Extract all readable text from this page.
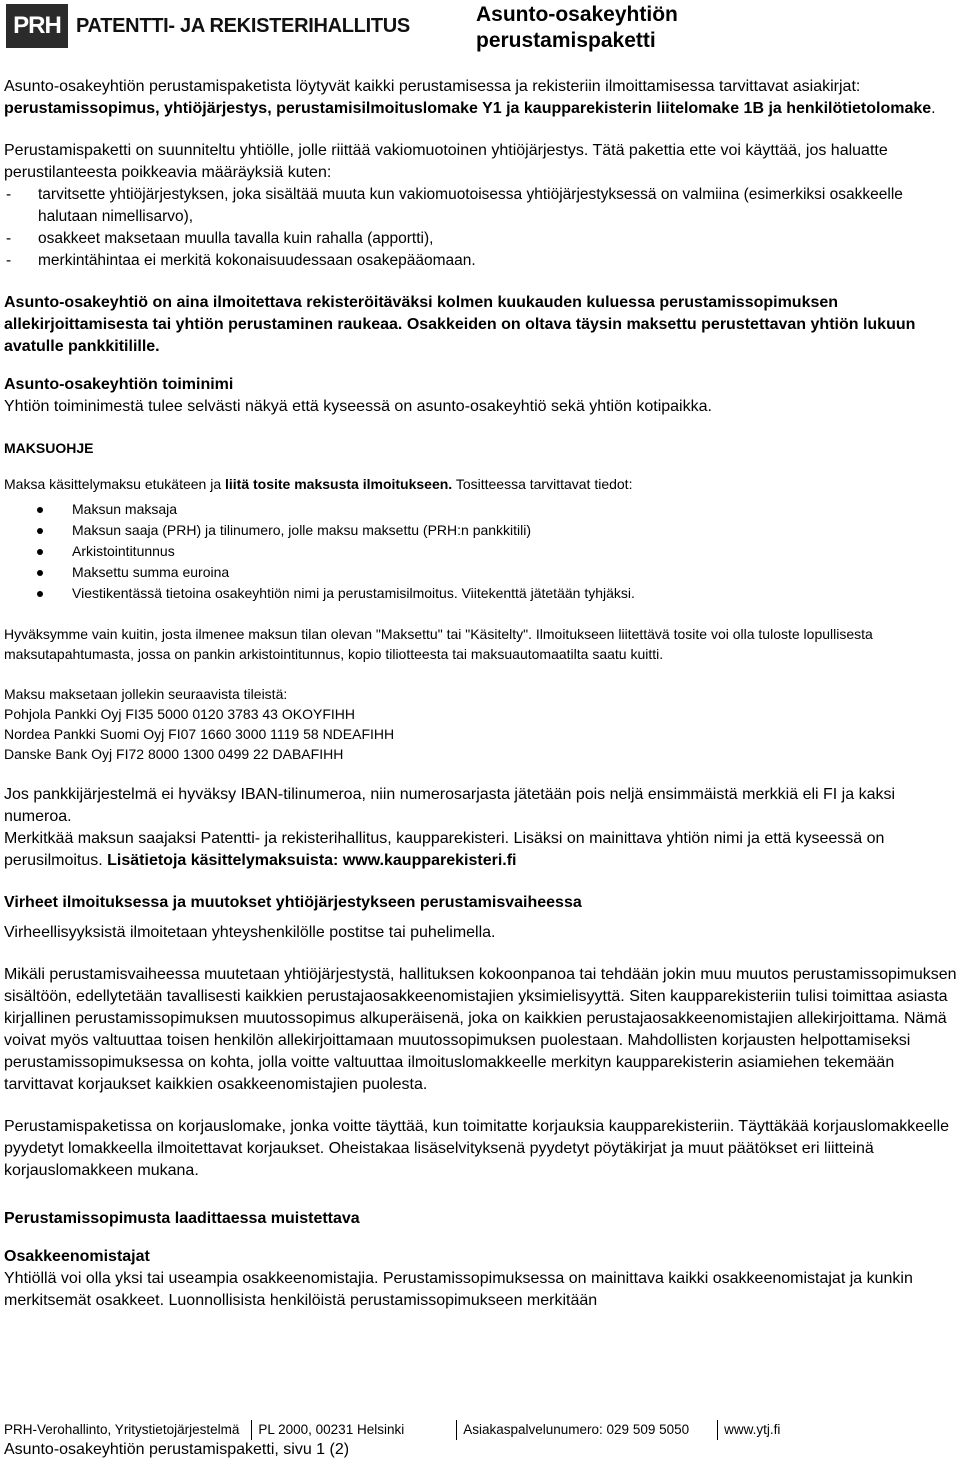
PRH PATENTTI- JA REKISTERIHALLITUS	Asunto-osakeyhtiön
perustamispaketti

Asunto-osakeyhtiön perustamispaketista löytyvät kaikki perustamisessa ja rekisteriin ilmoittamisessa tarvittavat asiakirjat: perustamissopimus, yhtiöjärjestys, perustamisilmoituslomake Y1 ja kaupparekisterin liitelomake 1B ja henkilötietolomake.

Perustamispaketti on suunniteltu yhtiölle, jolle riittää vakiomuotoinen yhtiöjärjestys. Tätä pakettia ette voi käyttää, jos haluatte perustilanteesta poikkeavia määräyksiä kuten:

- tarvitsette yhtiöjärjestyksen, joka sisältää muuta kun vakiomuotoisessa yhtiöjärjestyksessä on valmiina (esimerkiksi osakkeelle halutaan nimellisarvo),
- osakkeet maksetaan muulla tavalla kuin rahalla (apportti),
- merkintähintaa ei merkitä kokonaisuudessaan osakepääomaan.

Asunto-osakeyhtiö on aina ilmoitettava rekisteröitäväksi kolmen kuukauden kuluessa perustamissopimuksen allekirjoittamisesta tai yhtiön perustaminen raukeaa. Osakkeiden on oltava täysin maksettu perustettavan yhtiön lukuun avatulle pankkitilille.

Asunto-osakeyhtiön toiminimi

Yhtiön toiminimestä tulee selvästi näkyä että kyseessä on asunto-osakeyhtiö sekä yhtiön kotipaikka.

MAKSUOHJE

Maksa käsittelymaksu etukäteen ja liitä tosite maksusta ilmoitukseen. Tositteessa tarvittavat tiedot:

Maksun maksaja
Maksun saaja (PRH) ja tilinumero, jolle maksu maksettu (PRH:n pankkitili)
Arkistointitunnus
Maksettu summa euroina
Viestikentässä tietoina osakeyhtiön nimi ja perustamisilmoitus. Viitekenttä jätetään tyhjäksi.

Hyväksymme vain kuitin, josta ilmenee maksun tilan olevan "Maksettu" tai "Käsitelty". Ilmoitukseen liitettävä tosite voi olla tuloste lopullisesta maksutapahtumasta, jossa on pankin arkistointitunnus, kopio tiliotteesta tai maksuautomaatilta saatu kuitti.

Maksu maksetaan jollekin seuraavista tileistä:

Pohjola Pankki Oyj FI35 5000 0120 3783 43 OKOYFIHH

Nordea Pankki Suomi Oyj FI07 1660 3000 1119 58 NDEAFIHH

Danske Bank Oyj FI72 8000 1300 0499 22 DABAFIHH

Jos pankkijärjestelmä ei hyväksy IBAN-tilinumeroa, niin numerosarjasta jätetään pois neljä ensimmäistä merkkiä eli FI ja kaksi numeroa.

Merkitkää maksun saajaksi Patentti- ja rekisterihallitus, kaupparekisteri. Lisäksi on mainittava yhtiön nimi ja että kyseessä on perusilmoitus. Lisätietoja käsittelymaksuista: www.kaupparekisteri.fi

Virheet ilmoituksessa ja muutokset yhtiöjärjestykseen perustamisvaiheessa

Virheellisyyksistä ilmoitetaan yhteyshenkilölle postitse tai puhelimella.

Mikäli perustamisvaiheessa muutetaan yhtiöjärjestystä, hallituksen kokoonpanoa tai tehdään jokin muu muutos perustamissopimuksen sisältöön, edellytetään tavallisesti kaikkien perustajaosakkeenomistajien yksimielisyyttä. Siten kaupparekisteriin tulisi toimittaa asiasta kirjallinen perustamissopimuksen muutossopimus alkuperäisenä, joka on kaikkien perustajaosakkeenomistajien allekirjoittama. Nämä voivat myös valtuuttaa toisen henkilön allekirjoittamaan muutossopimuksen puolestaan. Mahdollisten korjausten helpottamiseksi perustamissopimuksessa on kohta, jolla voitte valtuuttaa ilmoituslomakkeelle merkityn kaupparekisterin asiamiehen tekemään tarvittavat korjaukset kaikkien osakkeenomistajien puolesta.

Perustamispaketissa on korjauslomake, jonka voitte täyttää, kun toimitatte korjauksia kaupparekisteriin. Täyttäkää korjauslomakkeelle pyydetyt lomakkeella ilmoitettavat korjaukset. Oheistakaa lisäselvityksenä pyydetyt pöytäkirjat ja muut päätökset eri liitteinä korjauslomakkeen mukana.

Perustamissopimusta laadittaessa muistettava

Osakkeenomistajat

Yhtiöllä voi olla yksi tai useampia osakkeenomistajia. Perustamissopimuksessa on mainittava kaikki osakkeenomistajat ja kunkin merkitsemät osakkeet. Luonnollisista henkilöistä perustamissopimukseen merkitään

PRH-Verohallinto, Yritystietojärjestelmä	PL 2000, 00231 Helsinki	Asiakaspalvelunumero: 029 509 5050	www.ytj.fi
Asunto-osakeyhtiön perustamispaketti, sivu 1 (2)
